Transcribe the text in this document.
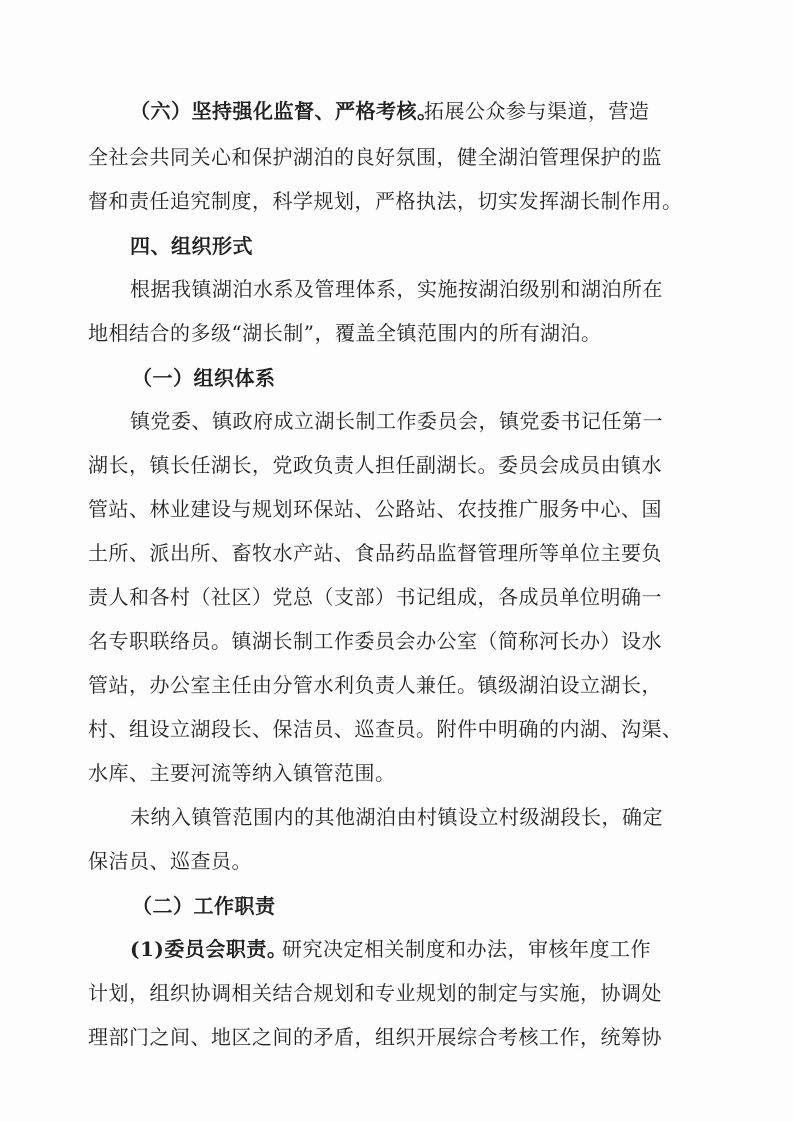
（六）坚持强化监督、严格考核。
拓展公众参与渠道，营造
全社会共同关心和保护湖泊的良好氛围，健全湖泊管理保护的监
督和责任追究制度，科学规划，严格执法，切实发挥湖长制作用。
四、组织形式
根据我镇湖泊水系及管理体系，实施按湖泊级别和湖泊所在
地相结合的多级“湖长制”，覆盖全镇范围内的所有湖泊。
（一）组织体系
镇党委、镇政府成立湖长制工作委员会，镇党委书记任第一
湖长，镇长任湖长，党政负责人担任副湖长。委员会成员由镇水
管站、林业建设与规划环保站、公路站、农技推广服务中心、国
土所、派出所、畜牧水产站、食品药品监督管理所等单位主要负
责人和各村（社区）党总（支部）书记组成，各成员单位明确一
名专职联络员。镇湖长制工作委员会办公室（简称河长办）设水
管站，办公室主任由分管水利负责人兼任。镇级湖泊设立湖长，
村、组设立湖段长、保洁员、巡查员。附件中明确的内湖、沟渠、
水库、主要河流等纳入镇管范围。
未纳入镇管范围内的其他湖泊由村镇设立村级湖段长，确定
保洁员、巡查员。
（二）工作职责
(1)委员会职责。
研究决定相关制度和办法，审核年度工作
计划，组织协调相关结合规划和专业规划的制定与实施，协调处
理部门之间、地区之间的矛盾，组织开展综合考核工作，统筹协
